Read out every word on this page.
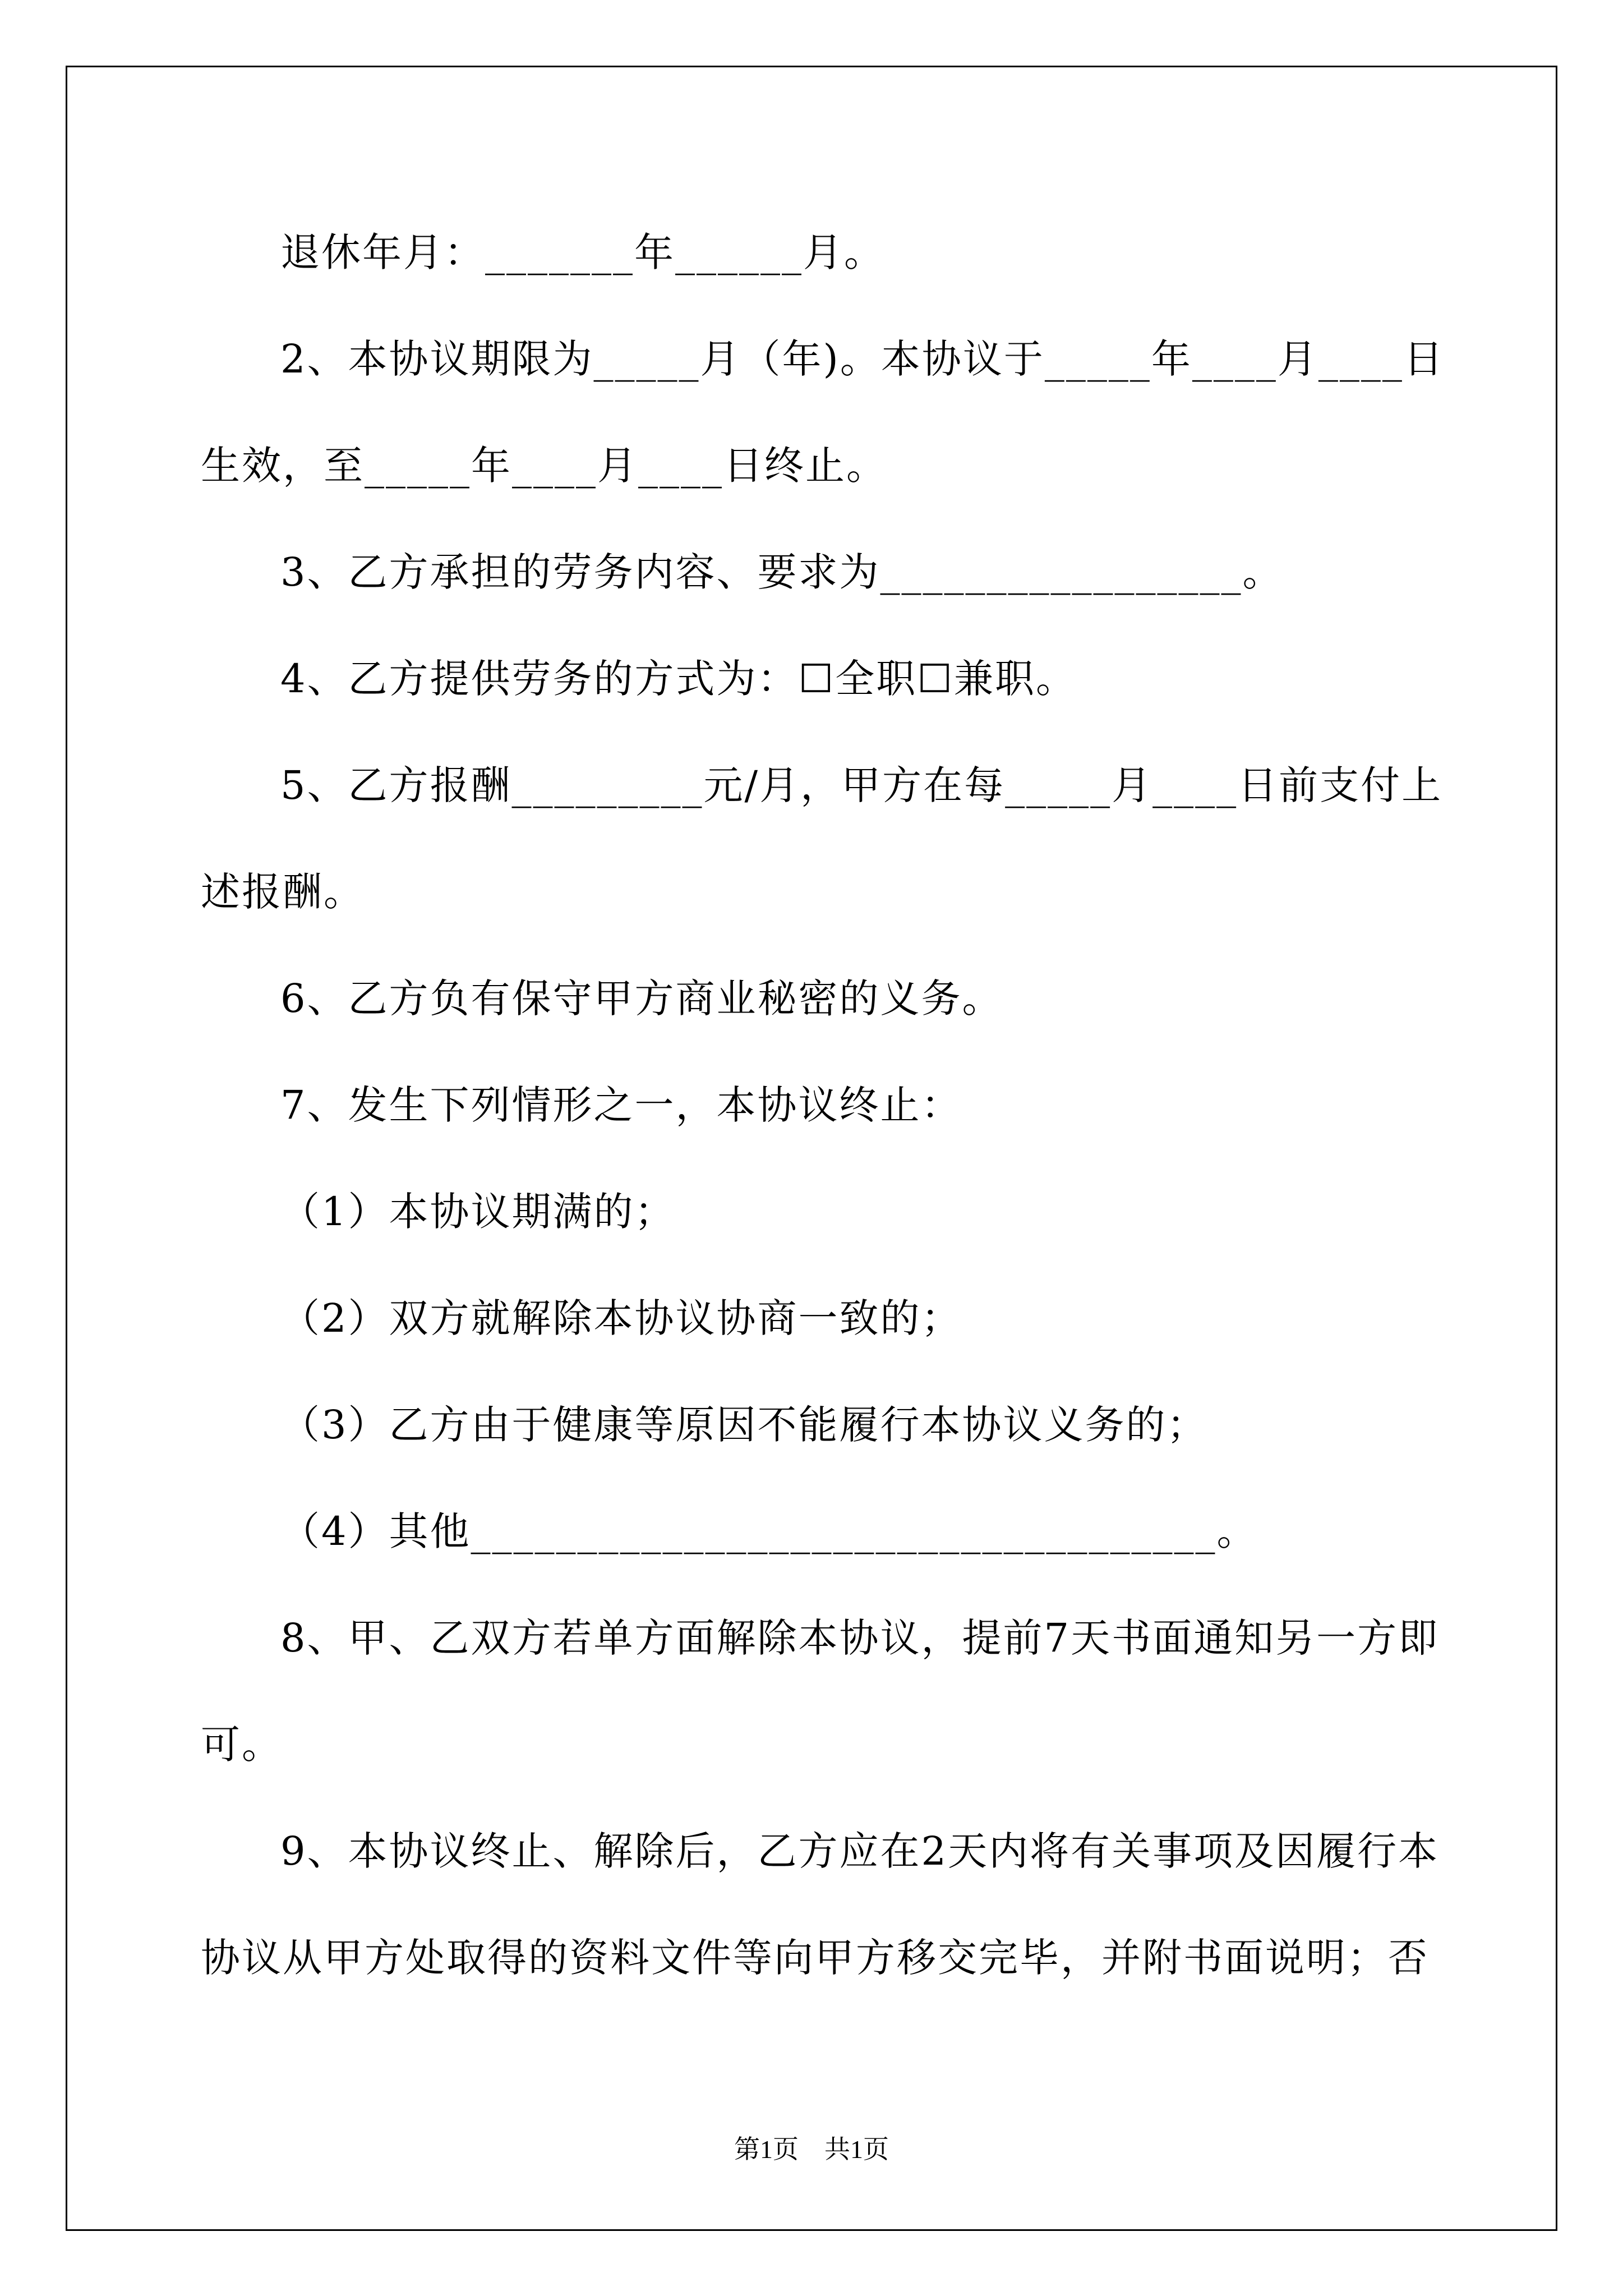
退休年月：_______年______月。

2、本协议期限为_____月（年)。本协议于_____年____月____日

生效，至_____年____月____日终止。

3、乙方承担的劳务内容、要求为_________________。

4、乙方提供劳务的方式为：☐全职☐兼职。

5、乙方报酬_________元/月，甲方在每_____月____日前支付上

述报酬。

6、乙方负有保守甲方商业秘密的义务。

7、发生下列情形之一，本协议终止：

（1）本协议期满的；

（2）双方就解除本协议协商一致的；

（3）乙方由于健康等原因不能履行本协议义务的；

（4）其他___________________________________。

8、甲、乙双方若单方面解除本协议，提前7天书面通知另一方即

可。

9、本协议终止、解除后，乙方应在2天内将有关事项及因履行本

协议从甲方处取得的资料文件等向甲方移交完毕，并附书面说明；否

第1页　共1页
